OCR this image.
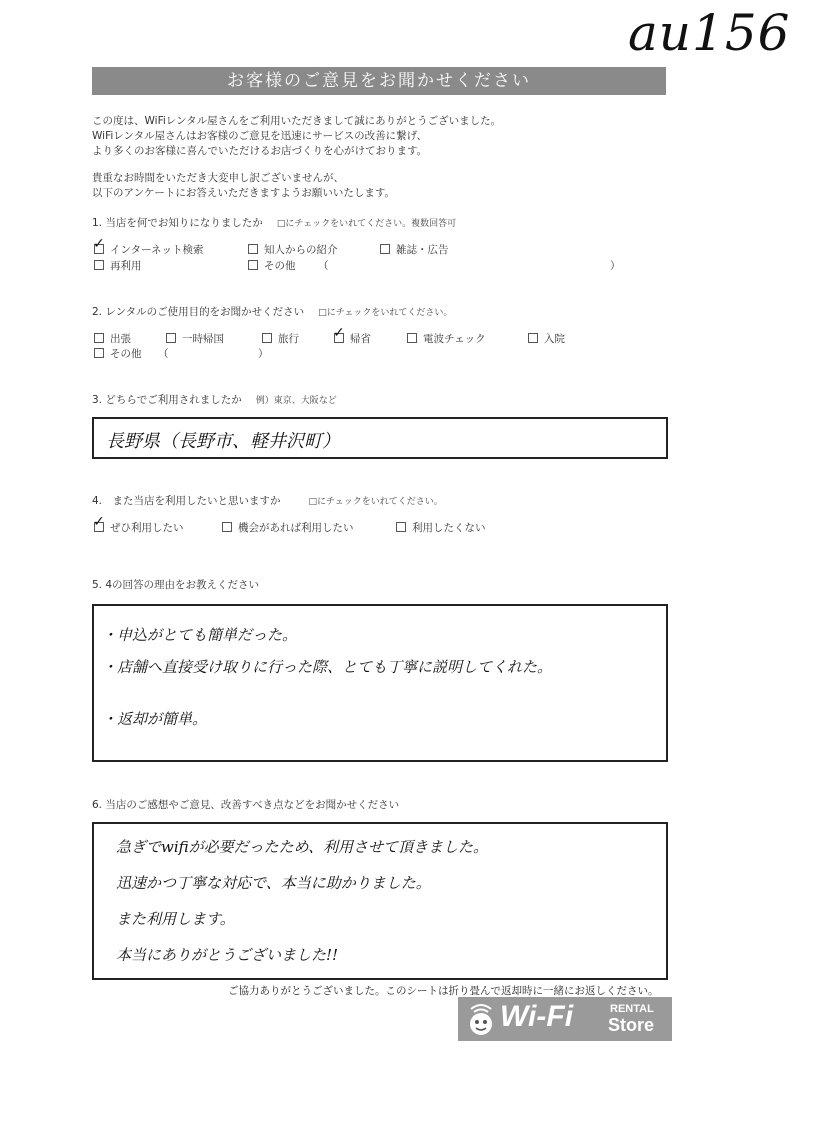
au156
お客様のご意見をお聞かせください
この度は、WiFiレンタル屋さんをご利用いただきまして誠にありがとうございました。
WiFiレンタル屋さんはお客様のご意見を迅速にサービスの改善に繋げ、
より多くのお客様に喜んでいただけるお店づくりを心がけております。
貴重なお時間をいただき大変申し訳ございませんが、
以下のアンケートにお答えいただきますようお願いいたします。
1. 当店を何でお知りになりましたか □にチェックをいれてください。複数回答可
✓ インターネット検索	知人からの紹介	雑誌・広告
再利用	その他 （	）
2. レンタルのご使用目的をお聞かせください □にチェックをいれてください。
出張	一時帰国	旅行 ✓ 帰省	電波チェック	入院
その他 （	）
3. どちらでご利用されましたか 例）東京、大阪など
長野県（長野市、軽井沢町）
4.　また当店を利用したいと思いますか	□にチェックをいれてください。
✓ ぜひ利用したい	機会があれば利用したい	利用したくない
5. 4の回答の理由をお教えください
・申込がとても簡単だった。
・店舗へ直接受け取りに行った際、とても丁寧に説明してくれた。
・返却が簡単。
6. 当店のご感想やご意見、改善すべき点などをお聞かせください
急ぎでwifiが必要だったため、利用させて頂きました。
迅速かつ丁寧な対応で、本当に助かりました。
また利用します。
本当にありがとうございました!!
ご協力ありがとうございました。このシートは折り畳んで返却時に一緒にお返しください。
Wi-Fi	RENTAL
Store
